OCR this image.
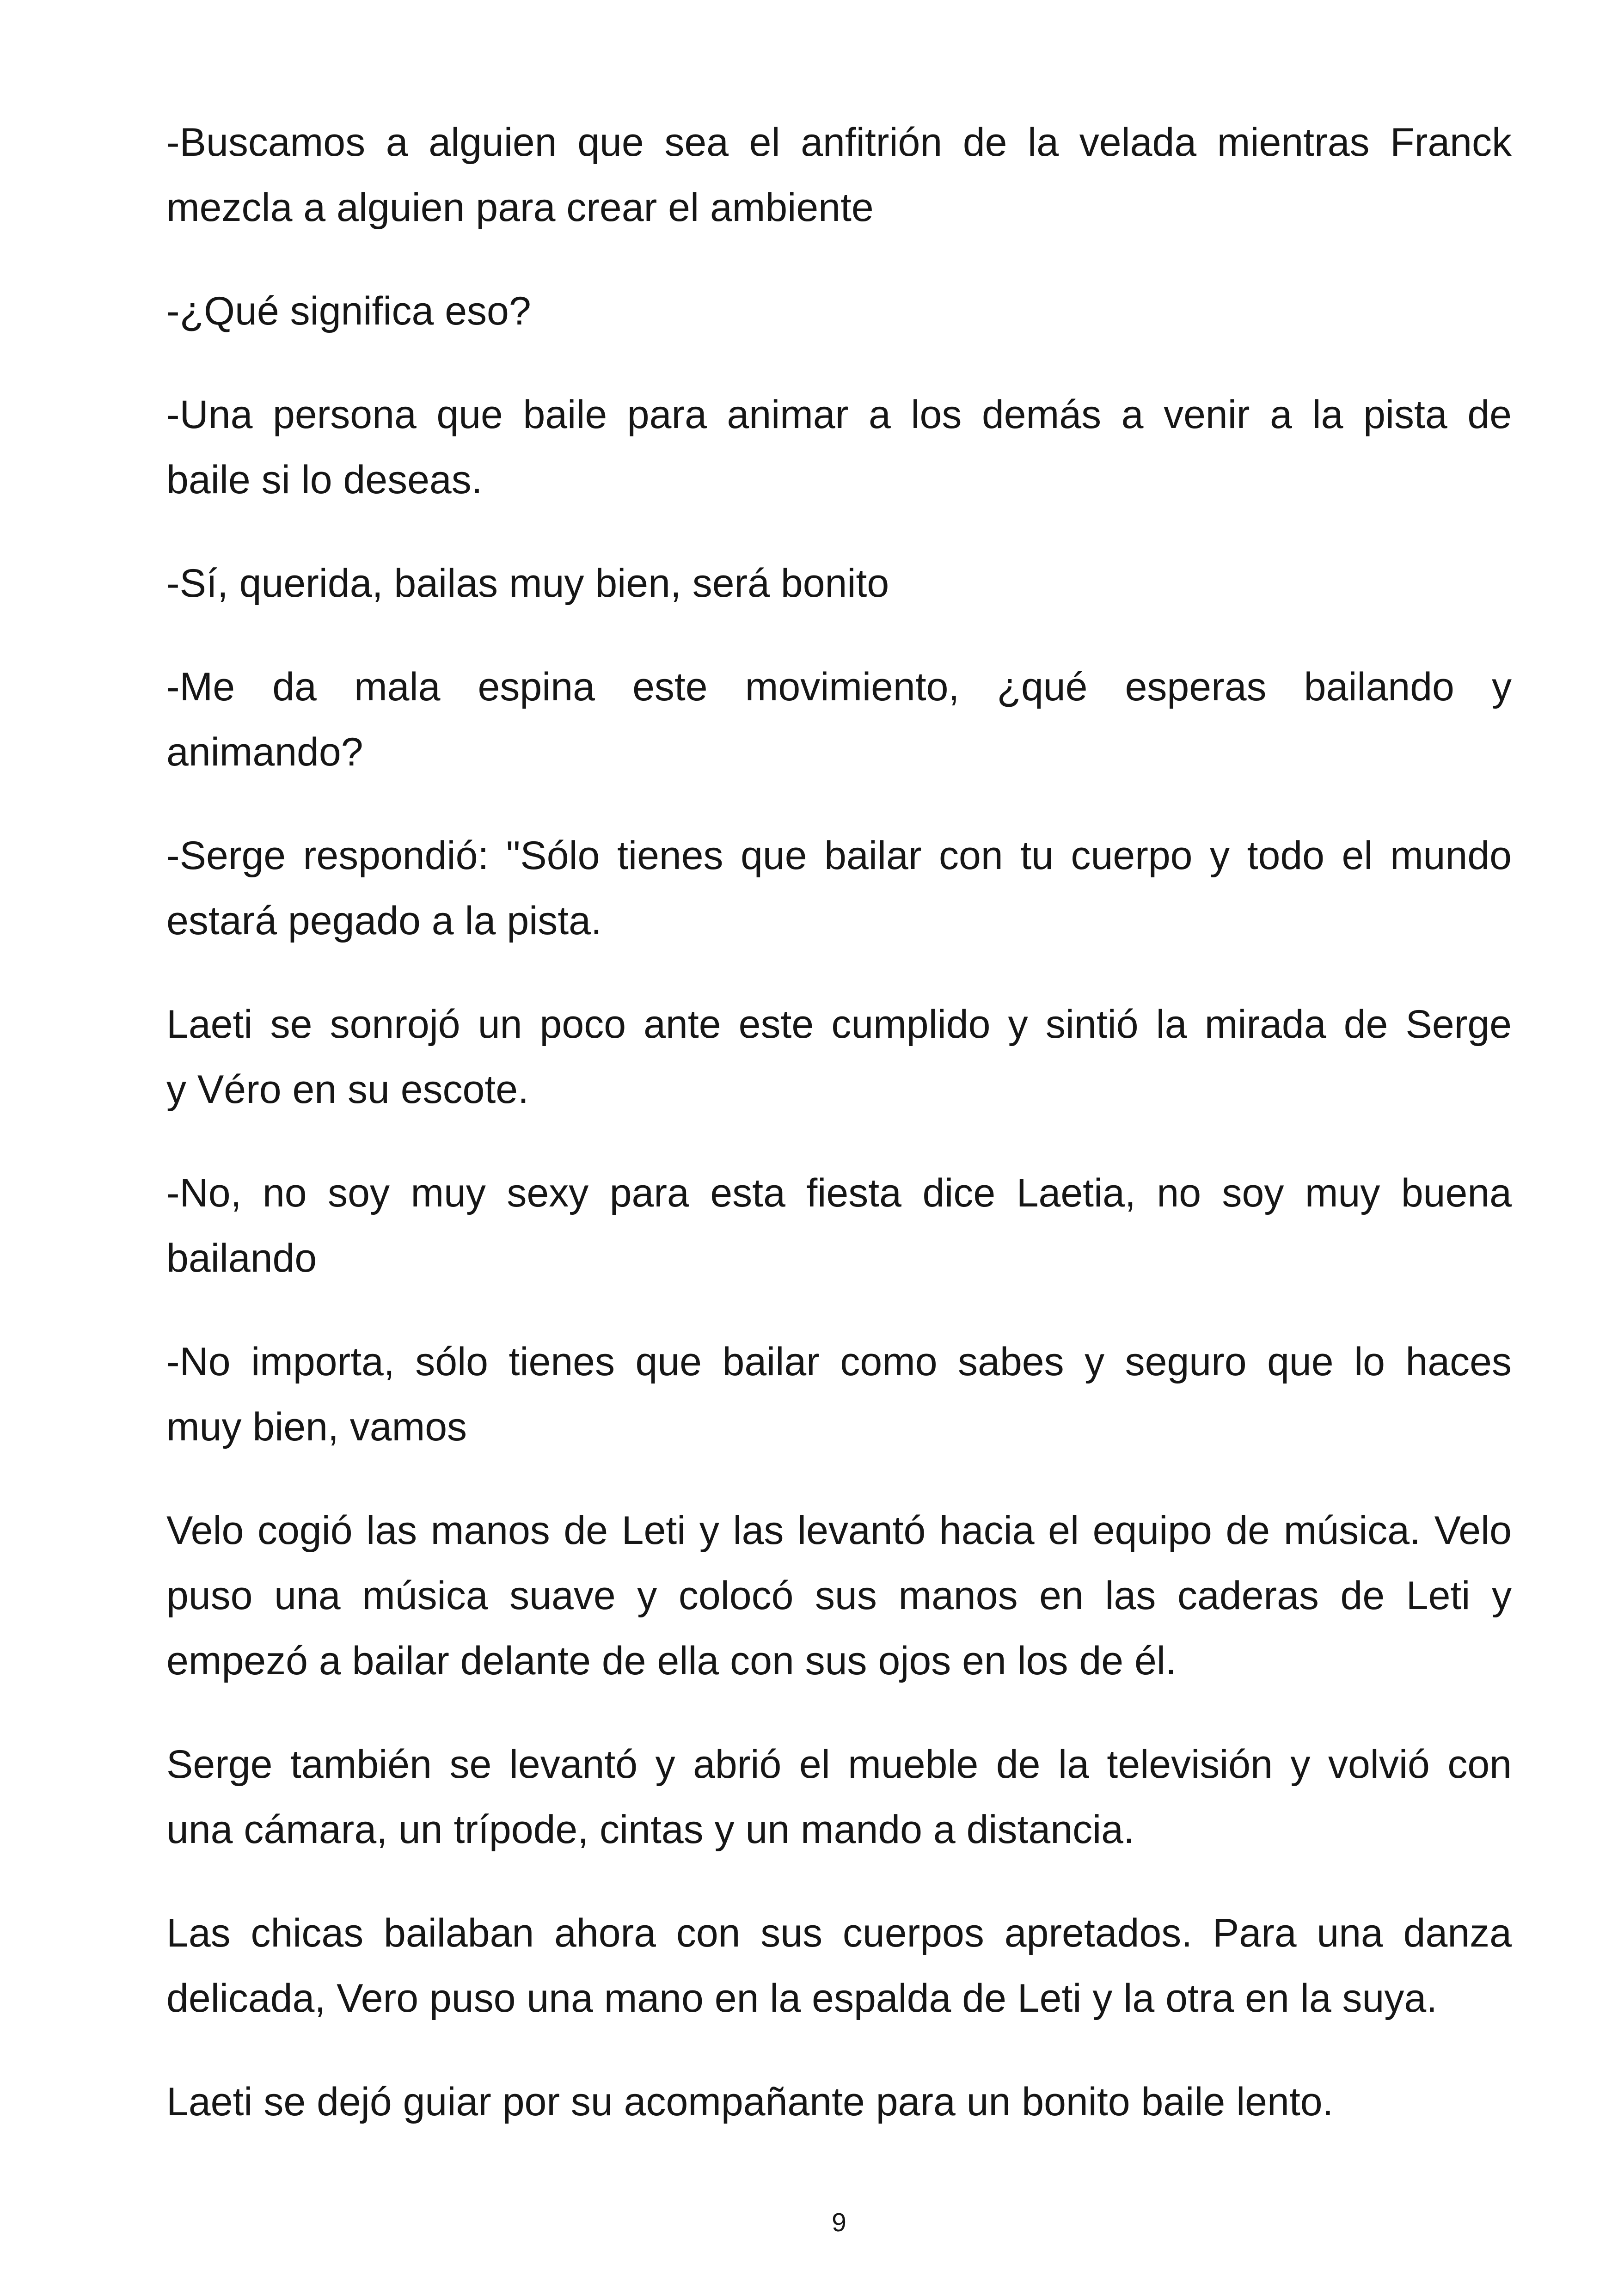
-Buscamos a alguien que sea el anfitrión de la velada mientras Franck
mezcla a alguien para crear el ambiente
-¿Qué significa eso?
-Una persona que baile para animar a los demás a venir a la pista de
baile si lo deseas.
-Sí, querida, bailas muy bien, será bonito
-Me da mala espina este movimiento, ¿qué esperas bailando y
animando?
-Serge respondió: "Sólo tienes que bailar con tu cuerpo y todo el mundo
estará pegado a la pista.
Laeti se sonrojó un poco ante este cumplido y sintió la mirada de Serge
y Véro en su escote.
-No, no soy muy sexy para esta fiesta dice Laetia, no soy muy buena
bailando
-No importa, sólo tienes que bailar como sabes y seguro que lo haces
muy bien, vamos
Velo cogió las manos de Leti y las levantó hacia el equipo de música. Velo
puso una música suave y colocó sus manos en las caderas de Leti y
empezó a bailar delante de ella con sus ojos en los de él.
Serge también se levantó y abrió el mueble de la televisión y volvió con
una cámara, un trípode, cintas y un mando a distancia.
Las chicas bailaban ahora con sus cuerpos apretados. Para una danza
delicada, Vero puso una mano en la espalda de Leti y la otra en la suya.
Laeti se dejó guiar por su acompañante para un bonito baile lento.
9
